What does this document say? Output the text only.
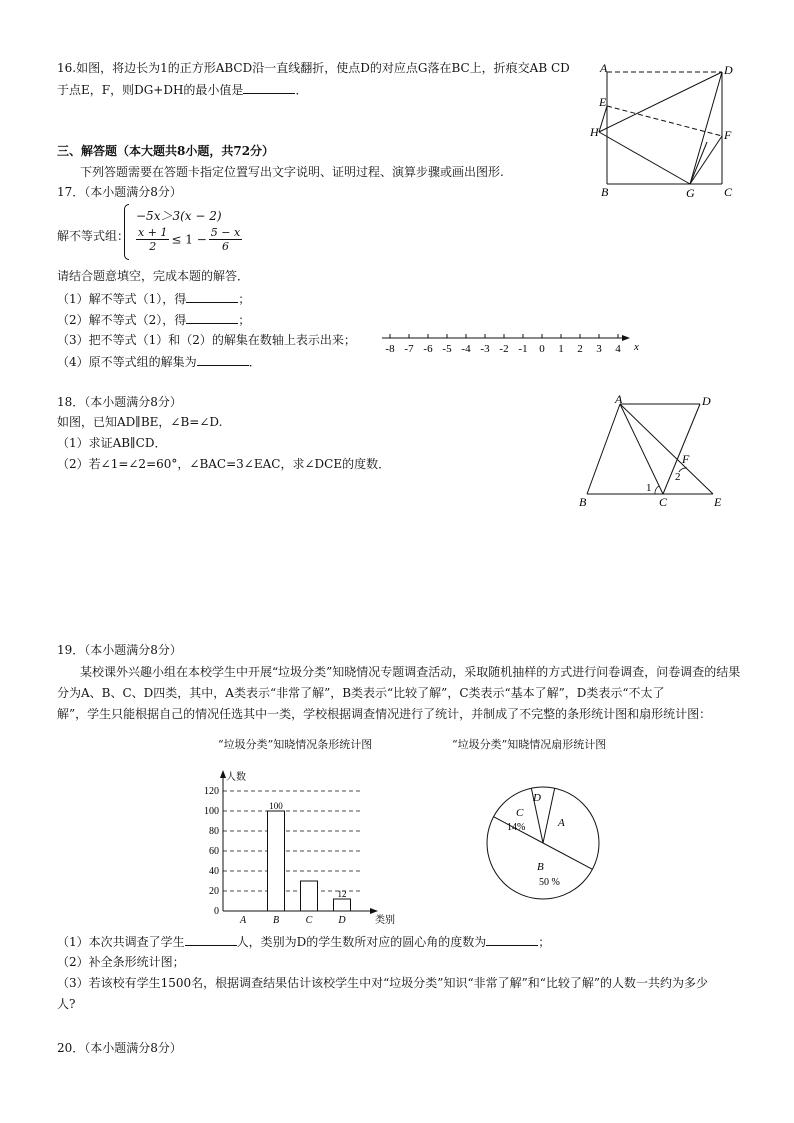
16.如图，将边长为1的正方形ABCD沿一直线翻折，使点D的对应点G落在BC上，折痕交AB CD
于点E，F，则DG+DH的最小值是	．
A	D
E
H	F
B	G C
三、解答题（本大题共8小题，共72分）
下列答题需要在答题卡指定位置写出文字说明、证明过程、演算步骤或画出图形.
17．（本小题满分8分）
解不等式组：
−5x＞3(x − 2)
$\frac{x + 1}{2} \le 1 - \frac{5 - x}{6}$
请结合题意填空，完成本题的解答．
（1）解不等式（1），得	；
（2）解不等式（2），得	；
（3）把不等式（1）和（2）的解集在数轴上表示出来；
（4）原不等式组的解集为	．
x
-8 -7 -6 -5 -4 -3 -2 -1 0 1 2 3 4
18．（本小题满分8分）
如图，已知AD∥BE，∠B=∠D.
（1）求证AB∥CD．
（2）若∠1=∠2=60°，∠BAC=3∠EAC，求∠DCE的度数．
A	D
F
2
1
B	C	E
19．（本小题满分8分）
某校课外兴趣小组在本校学生中开展“垃圾分类”知晓情况专题调查活动，采取随机抽样的方式进行问卷调查，问卷调查的结果
分为A、B、C、D四类，其中，A类表示“非常了解”，B类表示“比较了解”，C类表示“基本了解”，D类表示“不太了
解”，学生只能根据自己的情况任选其中一类，学校根据调查情况进行了统计，并制成了不完整的条形统计图和扇形统计图：
“垃圾分类”知晓情况条形统计图
人数
类别
0
20
40
60
80
100
120
A
100
B	C
12
D
“垃圾分类”知晓情况扇形统计图
A
B
50 %
C
14%
D
（1）本次共调查了学生	人，类别为D的学生数所对应的圆心角的度数为	；
（2）补全条形统计图；
（3）若该校有学生1500名，根据调查结果估计该校学生中对“垃圾分类”知识“非常了解”和“比较了解”的人数一共约为多少
人?
20．（本小题满分8分）
